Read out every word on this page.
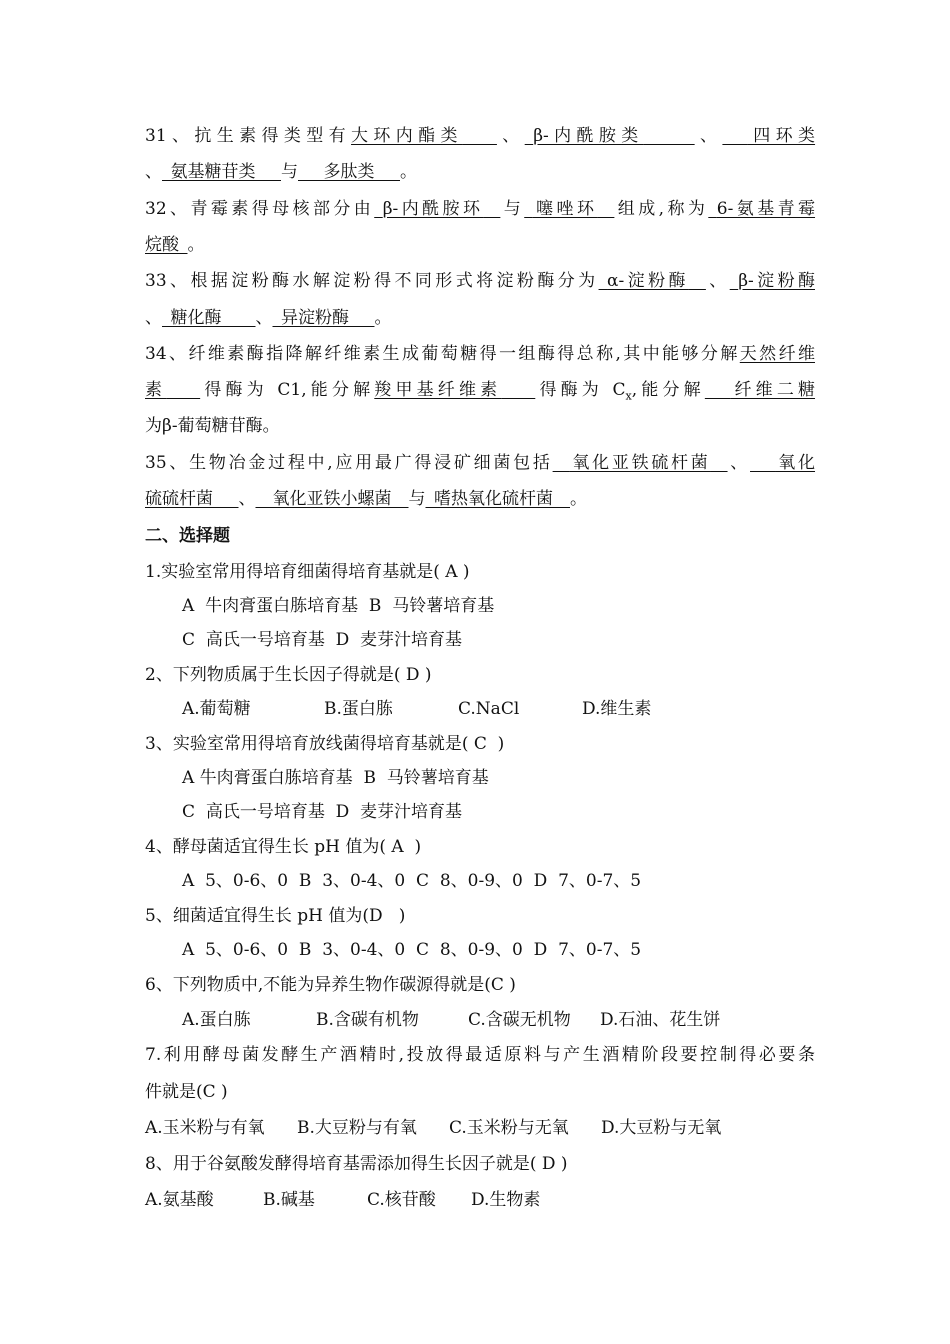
31、抗生素得类型有大环内酯类   、  β-内酰胺类   	、   四环类
、  氨基糖苷类   与   多肽类   。
32、青霉素得母核部分由  β-内酰胺环  与  噻唑环  组成,称为  6-氨基青霉
烷酸  。
33、根据淀粉酶水解淀粉得不同形式将淀粉酶分为  α-淀粉酶  、  β-淀粉酶
、  糖化酶   、  异淀粉酶   。
34、纤维素酶指降解纤维素生成葡萄糖得一组酶得总称,其中能够分解天然纤维
素   得酶为 C1,能分解羧甲基纤维素   得酶为 $C_x$,能分解   纤维二糖
为β-葡萄糖苷酶。
35、生物冶金过程中,应用最广得浸矿细菌包括  氧化亚铁硫杆菌  、   氧化
硫硫杆菌   、  氧化亚铁小螺菌  与  嗜热氧化硫杆菌  。
二、选择题
1.实验室常用得培育细菌得培育基就是( A )
A  牛肉膏蛋白胨培育基  B  马铃薯培育基
C  高氏一号培育基  D  麦芽汁培育基
2、下列物质属于生长因子得就是( D )
A.葡萄糖	B.蛋白胨	C.NaCl	D.维生素
3、实验室常用得培育放线菌得培育基就是( C  )
A 牛肉膏蛋白胨培育基  B  马铃薯培育基
C  高氏一号培育基  D  麦芽汁培育基
4、酵母菌适宜得生长 pH 值为( A  )
A  5、0-6、0  B  3、0-4、0  C  8、0-9、0  D  7、0-7、5
5、细菌适宜得生长 pH 值为(D   )
A  5、0-6、0  B  3、0-4、0  C  8、0-9、0  D  7、0-7、5
6、下列物质中,不能为异养生物作碳源得就是(C )
A.蛋白胨	B.含碳有机物	C.含碳无机物 D.石油、花生饼
7.利用酵母菌发酵生产酒精时,投放得最适原料与产生酒精阶段要控制得必要条
件就是(C )
A.玉米粉与有氧 B.大豆粉与有氧 C.玉米粉与无氧 D.大豆粉与无氧
8、用于谷氨酸发酵得培育基需添加得生长因子就是( D )
A.氨基酸	B.碱基	C.核苷酸 D.生物素
